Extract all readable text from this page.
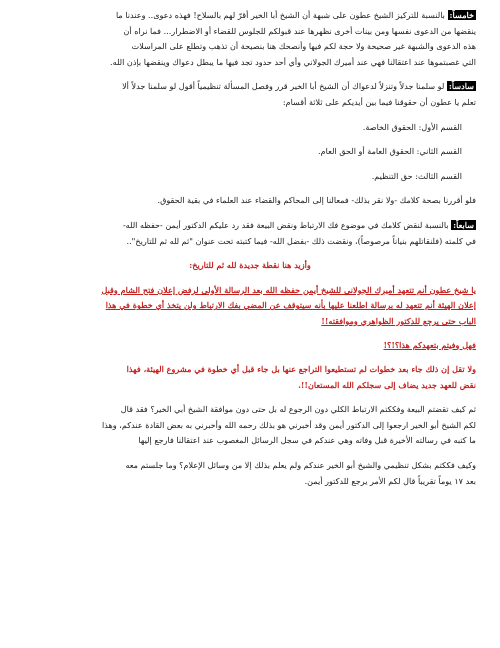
خامساً: بالنسبة للتركيز الشيخ عطون على شبهة أن الشيخ أبا الخير أقرّ لهم بالسلاح! فهذه دعوى.. وعندنا ما
ينقضها من الدعوى نفسها ومن بينات أخرى نظهرها عند قبولكم للجلوس للقضاء أو الاضطرار... فما نراه أن
هذه الدعوى والشبهة غير صحيحة ولا حجة لكم فيها وأنصحك هنا بنصيحة أن تذهب وتطلع على المراسلات
التي غصبتموها عند اعتقالنا فهي عند أميرك الجولاني وأي أحد حدود تجد فيها ما يبطل دعواك وينقضها بإذن الله.

سادساً: لو سلمنا جدلاً وتنزلاً لدعواك أن الشيخ أبا الخير قرر وفصل المسألة تنظيمياً أقول لو سلمنا جدلاً ألا
تعلم يا عطون أن حقوقنا فيما بين أيديكم على ثلاثة أقسام:

القسم الأول: الحقوق الخاصة.

القسم الثاني: الحقوق العامة أو الحق العام.

القسم الثالث: حق التنظيم.

فلو أقررنا بصحة كلامك -ولا نقر بذلك- فمعالنا إلى المحاكم والقضاء عند العلماء في بقية الحقوق.

سابعاً: بالنسبة لنقض كلامك في موضوع فك الارتباط ونقض البيعة فقد رد عليكم الدكتور أيمن -حفظه الله-
في كلمته (فلنقاتلهم بنياناً مرصوصاً)، ونقضت ذلك -بفضل الله- فيما كتبته تحت عنوان "ثم لله ثم للتاريخ"..

وأزيد هنا نقطة جديدة لله ثم للتاريخ:

يا شيخ عطون أنم تتعهد أميرك الجولاني للشيخ أيمن حفظه الله بعد الرسالة الأولى لرفض إعلان فتح الشام وقبل
إعلان الهيئة أنم تتعهد له برسالة اطلعنا عليها بأنه سيتوقف عن المضي بفك الارتباط ولن يتخذ أي خطوة في هذا
الباب حتى يرجع للدكتور الظواهري وموافقته!!

فهل وفيتم بتعهدكم هذا؟!؟!

ولا تقل إن ذلك جاء بعد خطوات لم تستطيعوا التراجع عنها بل جاء قبل أي خطوة في مشروع الهيئة، فهذا
نقض للعهد جديد يضاف إلى سجلكم الله المستعان!!.

ثم كيف تقضتم البيعة وفككتم الارتباط الكلي دون الرجوع له بل حتى دون موافقة الشيخ أبي الخير؟ فقد قال
لكم الشيخ أبو الخير ارجعوا إلى الدكتور أيمن وقد أخبرني هو بذلك رحمه الله وأخبرني به بعض القادة عندكم، وهذا
ما كتبه في رسالته الأخيرة قبل وفاته وهي عندكم في سجل الرسائل المغصوب عند اعتقالنا فارجع إليها

وكيف فككتم بشكل تنظيمي والشيخ أبو الخير عندكم ولم يعلم بذلك إلا من وسائل الإعلام؟ وما جلستم معه
بعد ١٧ يوماً تقريباً قال لكم الأمر يرجع للدكتور أيمن.
